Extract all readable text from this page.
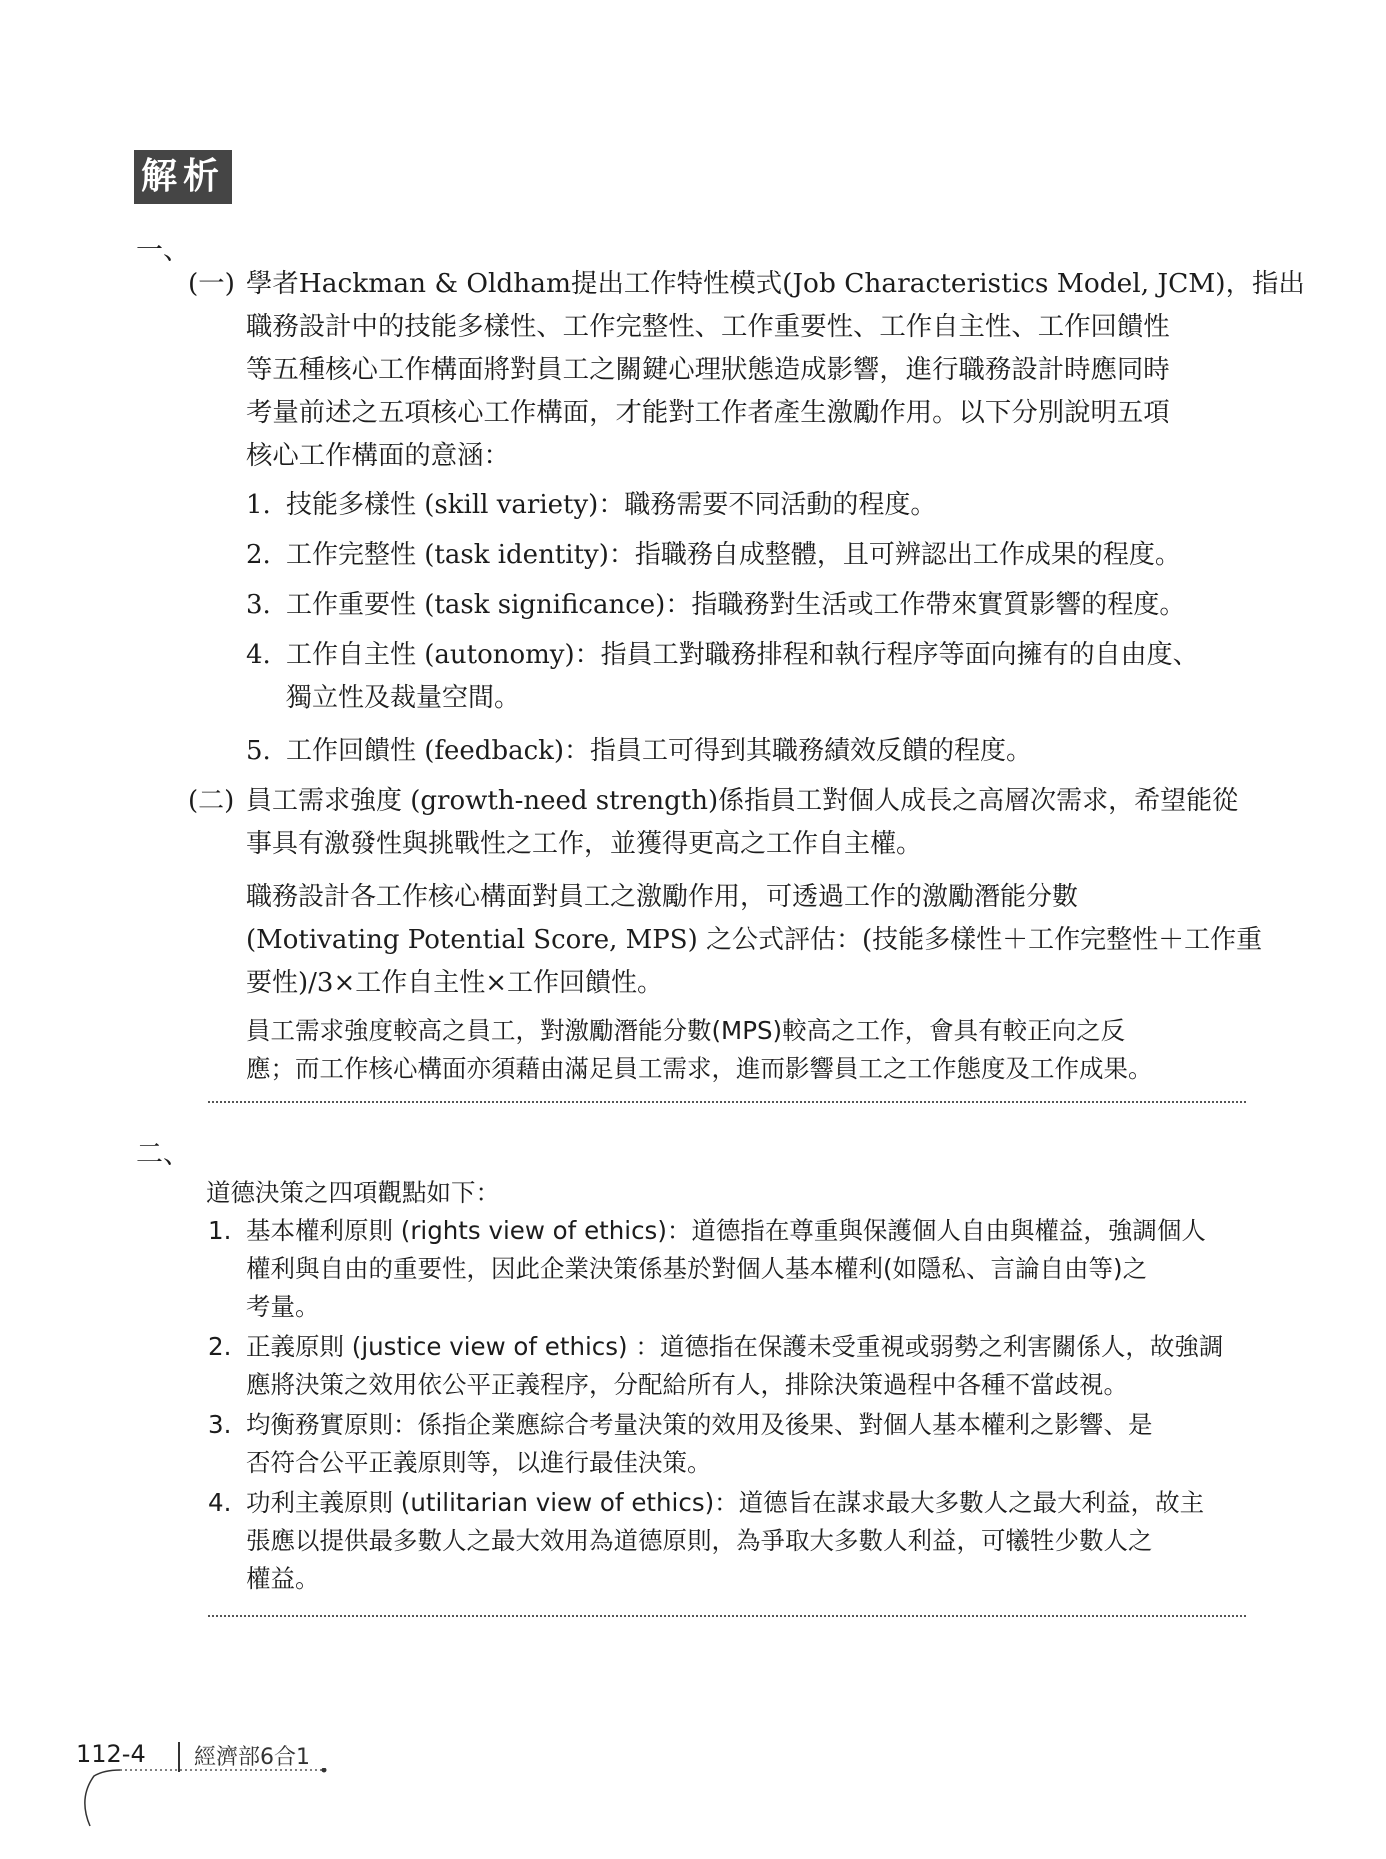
解析
一、
(一) 學者Hackman & Oldham提出工作特性模式(Job Characteristics Model, JCM)，指出
職務設計中的技能多樣性、工作完整性、工作重要性、工作自主性、工作回饋性
等五種核心工作構面將對員工之關鍵心理狀態造成影響，進行職務設計時應同時
考量前述之五項核心工作構面，才能對工作者產生激勵作用。以下分別說明五項
核心工作構面的意涵：
1. 技能多樣性 (skill variety)：職務需要不同活動的程度。
2. 工作完整性 (task identity)：指職務自成整體，且可辨認出工作成果的程度。
3. 工作重要性 (task significance)：指職務對生活或工作帶來實質影響的程度。
4. 工作自主性 (autonomy)：指員工對職務排程和執行程序等面向擁有的自由度、
獨立性及裁量空間。
5. 工作回饋性 (feedback)：指員工可得到其職務績效反饋的程度。
(二) 員工需求強度 (growth-need strength)係指員工對個人成長之高層次需求，希望能從
事具有激發性與挑戰性之工作，並獲得更高之工作自主權。
職務設計各工作核心構面對員工之激勵作用，可透過工作的激勵潛能分數
(Motivating Potential Score, MPS) 之公式評估：(技能多樣性＋工作完整性＋工作重
要性)/3×工作自主性×工作回饋性。
員工需求強度較高之員工，對激勵潛能分數(MPS)較高之工作，會具有較正向之反
應；而工作核心構面亦須藉由滿足員工需求，進而影響員工之工作態度及工作成果。
二、
道德決策之四項觀點如下：
1. 基本權利原則 (rights view of ethics)：道德指在尊重與保護個人自由與權益，強調個人
權利與自由的重要性，因此企業決策係基於對個人基本權利(如隱私、言論自由等)之
考量。
2. 正義原則 (justice view of ethics) ：道德指在保護未受重視或弱勢之利害關係人，故強調
應將決策之效用依公平正義程序，分配給所有人，排除決策過程中各種不當歧視。
3. 均衡務實原則：係指企業應綜合考量決策的效用及後果、對個人基本權利之影響、是
否符合公平正義原則等，以進行最佳決策。
4. 功利主義原則 (utilitarian view of ethics)：道德旨在謀求最大多數人之最大利益，故主
張應以提供最多數人之最大效用為道德原則，為爭取大多數人利益，可犧牲少數人之
權益。
112-4 經濟部6合1
